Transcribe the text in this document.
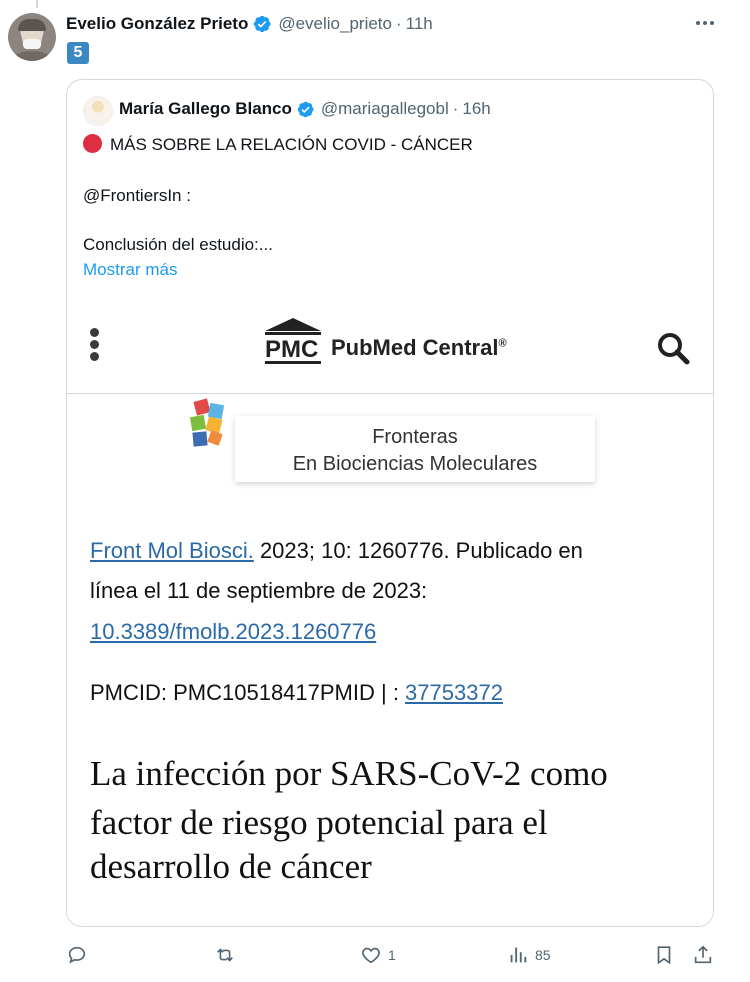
Evelio González Prieto @evelio_prieto · 11h
5
María Gallego Blanco @mariagallegobl · 16h
MÁS SOBRE LA RELACIÓN COVID - CÁNCER
@FrontiersIn :
Conclusión del estudio:...
Mostrar más
PMC PubMed Central®
Fronteras
En Biociencias Moleculares
Front Mol Biosci. 2023; 10: 1260776. Publicado en
línea el 11 de septiembre de 2023:
10.3389/fmolb.2023.1260776
PMCID: PMC10518417PMID | : 37753372
La infección por SARS-CoV-2 como
factor de riesgo potencial para el
desarrollo de cáncer
1	85
